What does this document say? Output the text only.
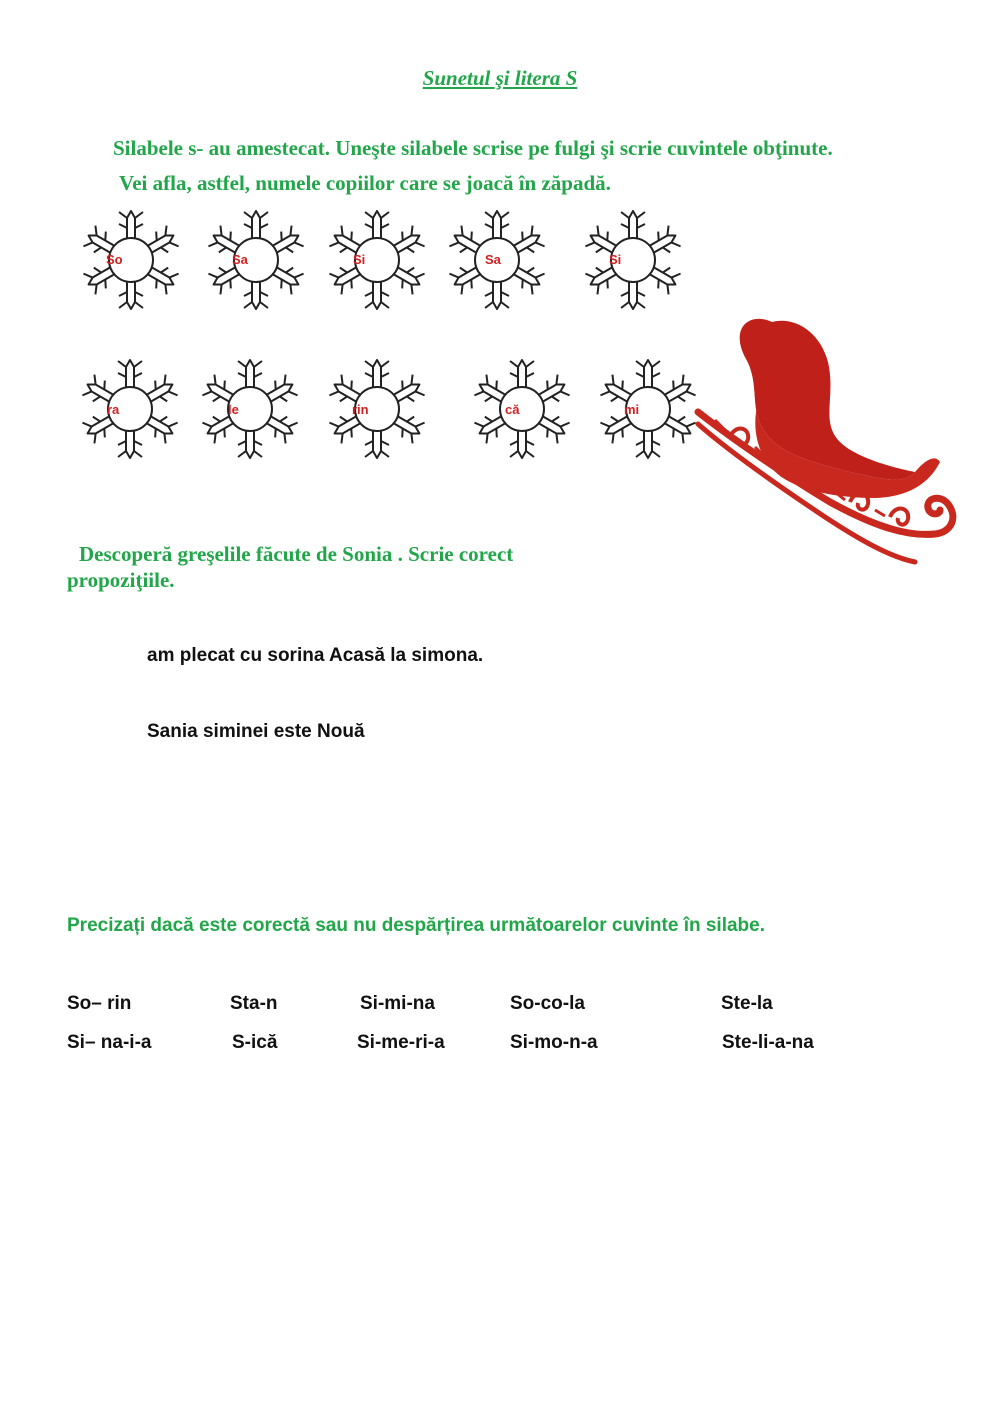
Sunetul şi litera S
Silabele s- au amestecat. Uneşte silabele scrise pe fulgi şi scrie cuvintele obţinute.
Vei afla, astfel, numele copiilor care se joacă în zăpadă.
So	Sa	Si	Sa	Si
ra	le	rin	că	mi
Descoperă greşelile făcute de Sonia . Scrie corect
propoziţiile.
am plecat cu sorina Acasă la simona.
Sania siminei este Nouă
Precizați dacă este corectă sau nu despărțirea următoarelor cuvinte în silabe.
So– rin	Sta-n	Si-mi-na	So-co-la	Ste-la
Si– na-i-a	S-ică	Si-me-ri-a	Si-mo-n-a	Ste-li-a-na
